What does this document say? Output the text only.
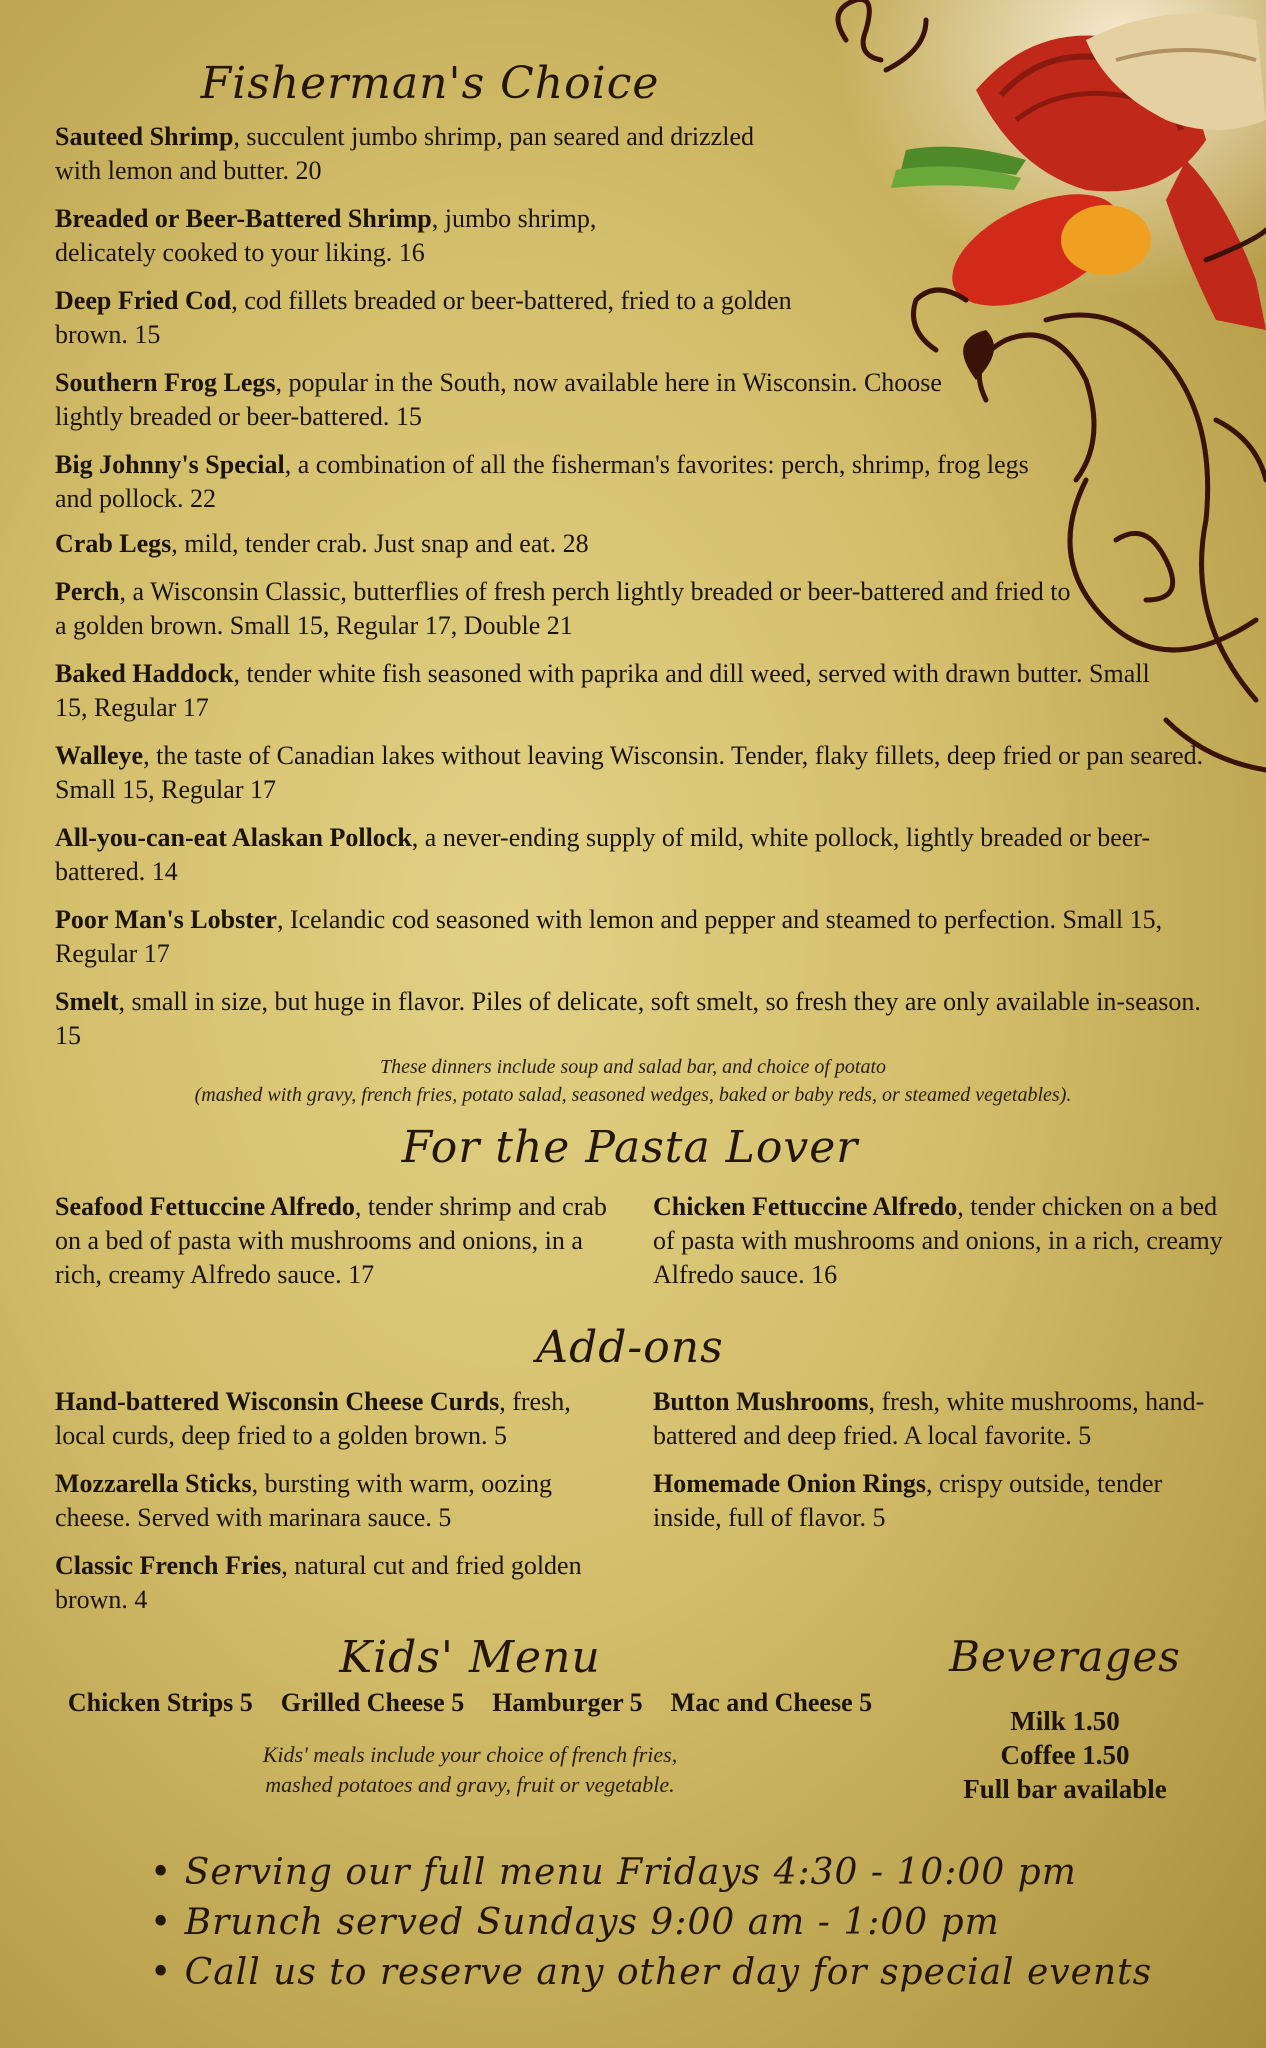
Fisherman's Choice
Sauteed Shrimp, succulent jumbo shrimp, pan seared and drizzled with lemon and butter. 20
Breaded or Beer-Battered Shrimp, jumbo shrimp, delicately cooked to your liking. 16
Deep Fried Cod, cod fillets breaded or beer-battered, fried to a golden brown. 15
Southern Frog Legs, popular in the South, now available here in Wisconsin. Choose lightly breaded or beer-battered. 15
Big Johnny's Special, a combination of all the fisherman's favorites: perch, shrimp, frog legs and pollock. 22
Crab Legs, mild, tender crab. Just snap and eat. 28
Perch, a Wisconsin Classic, butterflies of fresh perch lightly breaded or beer-battered and fried to a golden brown. Small 15, Regular 17, Double 21
Baked Haddock, tender white fish seasoned with paprika and dill weed, served with drawn butter. Small 15, Regular 17
Walleye, the taste of Canadian lakes without leaving Wisconsin. Tender, flaky fillets, deep fried or pan seared. Small 15, Regular 17
All-you-can-eat Alaskan Pollock, a never-ending supply of mild, white pollock, lightly breaded or beer-battered. 14
Poor Man's Lobster, Icelandic cod seasoned with lemon and pepper and steamed to perfection. Small 15, Regular 17
Smelt, small in size, but huge in flavor. Piles of delicate, soft smelt, so fresh they are only available in-season. 15
These dinners include soup and salad bar, and choice of potato
(mashed with gravy, french fries, potato salad, seasoned wedges, baked or baby reds, or steamed vegetables).
For the Pasta Lover
Seafood Fettuccine Alfredo, tender shrimp and crab on a bed of pasta with mushrooms and onions, in a rich, creamy Alfredo sauce. 17
Chicken Fettuccine Alfredo, tender chicken on a bed of pasta with mushrooms and onions, in a rich, creamy Alfredo sauce. 16
Add-ons
Hand-battered Wisconsin Cheese Curds, fresh, local curds, deep fried to a golden brown. 5
Button Mushrooms, fresh, white mushrooms, hand-battered and deep fried. A local favorite. 5
Mozzarella Sticks, bursting with warm, oozing cheese. Served with marinara sauce. 5
Homemade Onion Rings, crispy outside, tender inside, full of flavor. 5
Classic French Fries, natural cut and fried golden brown. 4
Kids' Menu
Chicken Strips 5 Grilled Cheese 5 Hamburger 5 Mac and Cheese 5
Kids' meals include your choice of french fries,
mashed potatoes and gravy, fruit or vegetable.
Beverages
Milk 1.50
Coffee 1.50
Full bar available
• Serving our full menu Fridays 4:30 - 10:00 pm
• Brunch served Sundays 9:00 am - 1:00 pm
• Call us to reserve any other day for special events
